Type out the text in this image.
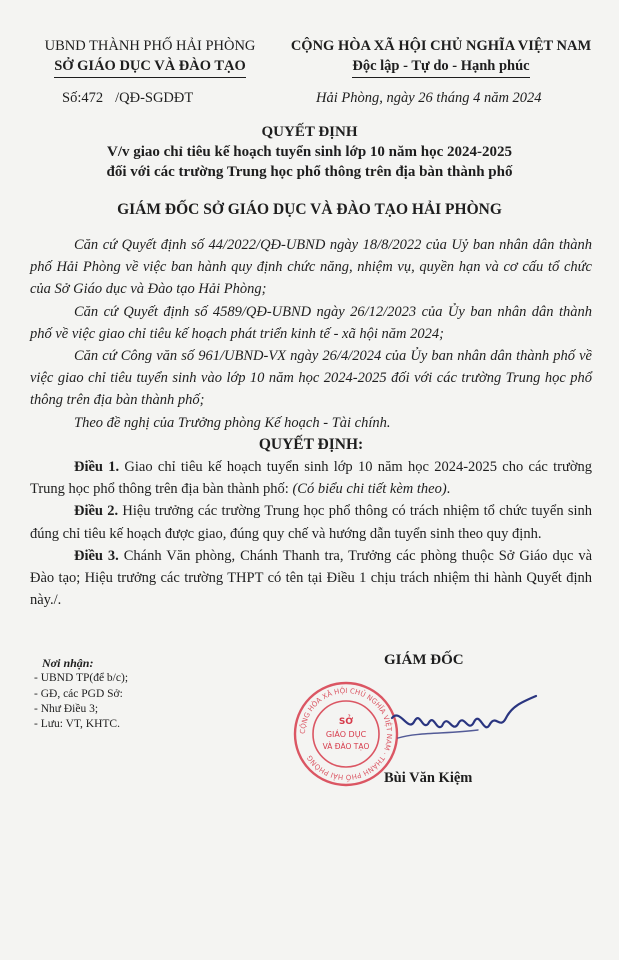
UBND THÀNH PHỐ HẢI PHÒNG
SỞ GIÁO DỤC VÀ ĐÀO TẠO
CỘNG HÒA XÃ HỘI CHỦ NGHĨA VIỆT NAM
Độc lập - Tự do - Hạnh phúc
Số:472 /QĐ-SGDĐT	Hải Phòng, ngày 26 tháng 4 năm 2024
QUYẾT ĐỊNH
V/v giao chỉ tiêu kế hoạch tuyển sinh lớp 10 năm học 2024-2025
đối với các trường Trung học phổ thông trên địa bàn thành phố
GIÁM ĐỐC SỞ GIÁO DỤC VÀ ĐÀO TẠO HẢI PHÒNG

Căn cứ Quyết định số 44/2022/QĐ-UBND ngày 18/8/2022 của Uỷ ban nhân dân thành phố Hải Phòng về việc ban hành quy định chức năng, nhiệm vụ, quyền hạn và cơ cấu tổ chức của Sở Giáo dục và Đào tạo Hải Phòng;

Căn cứ Quyết định số 4589/QĐ-UBND ngày 26/12/2023 của Ủy ban nhân dân thành phố về việc giao chỉ tiêu kế hoạch phát triển kinh tế - xã hội năm 2024;

Căn cứ Công văn số 961/UBND-VX ngày 26/4/2024 của Ủy ban nhân dân thành phố về việc giao chỉ tiêu tuyển sinh vào lớp 10 năm học 2024-2025 đối với các trường Trung học phổ thông trên địa bàn thành phố;

Theo đề nghị của Trưởng phòng Kế hoạch - Tài chính.

QUYẾT ĐỊNH:

Điều 1. Giao chỉ tiêu kế hoạch tuyển sinh lớp 10 năm học 2024-2025 cho các trường Trung học phổ thông trên địa bàn thành phố: (Có biểu chi tiết kèm theo).

Điều 2. Hiệu trưởng các trường Trung học phổ thông có trách nhiệm tổ chức tuyển sinh đúng chỉ tiêu kế hoạch được giao, đúng quy chế và hướng dẫn tuyển sinh theo quy định.

Điều 3. Chánh Văn phòng, Chánh Thanh tra, Trưởng các phòng thuộc Sở Giáo dục và Đào tạo; Hiệu trưởng các trường THPT có tên tại Điều 1 chịu trách nhiệm thi hành Quyết định này./.

Nơi nhận:
- UBND TP(để b/c);
- GĐ, các PGD Sở:
- Như Điều 3;
- Lưu: VT, KHTC.
GIÁM ĐỐC
CỘNG HÒA XÃ HỘI CHỦ NGHĨA VIỆT NAM · THÀNH PHỐ HẢI PHÒNG
SỞ
GIÁO DỤC
VÀ ĐÀO TẠO
Bùi Văn Kiệm
